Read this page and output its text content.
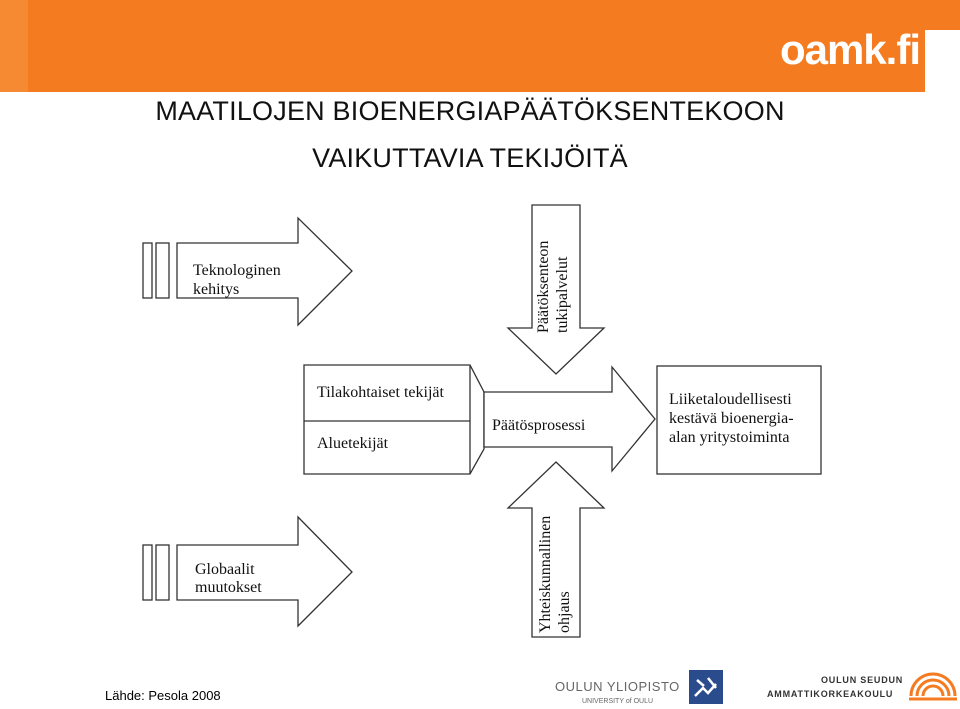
oamk.fi
MAATILOJEN BIOENERGIAPÄÄTÖKSENTEKOON
VAIKUTTAVIA TEKIJÖITÄ
Teknologinen
kehitys
Globaalit
muutokset
Tilakohtaiset tekijät
Aluetekijät
Päätösprosessi
Liiketaloudellisesti
kestävä bioenergia-
alan yritystoiminta
Päätöksenteon tukipalvelut
Yhteiskunnallinen ohjaus
OULUN YLIOPISTO
UNIVERSITY of OULU
OULUN SEUDUN
AMMATTIKORKEAKOULU
Lähde: Pesola 2008
